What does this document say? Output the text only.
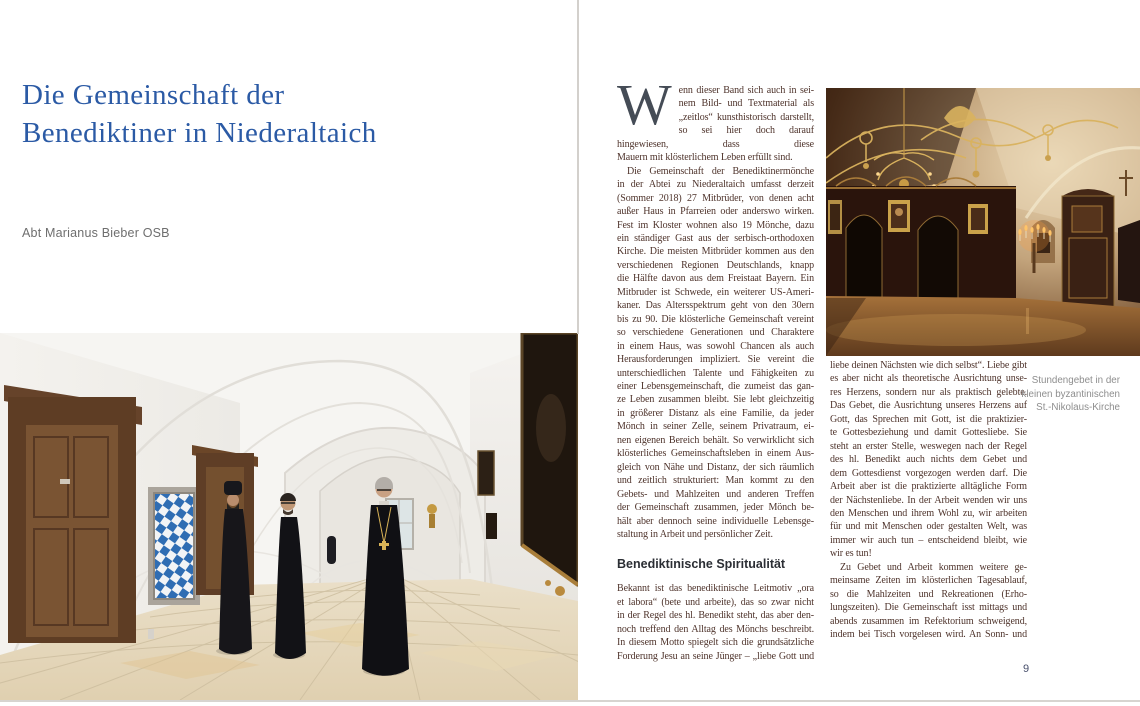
Die Gemeinschaft der
Benediktiner in Niederaltaich
Abt Marianus Bieber OSB
W enn dieser Band sich auch in sei-
nem Bild- und Textmaterial als
„zeitlos“ kunsthistorisch darstellt,
so sei hier doch darauf hingewiesen, dass diese
Mauern mit klösterlichem Leben erfüllt sind.
Die Gemeinschaft der Benediktinermönche
in der Abtei zu Niederaltaich umfasst derzeit
(Sommer 2018) 27 Mitbrüder, von denen acht
außer Haus in Pfarreien oder anderswo wirken.
Fest im Kloster wohnen also 19 Mönche, dazu
ein ständiger Gast aus der serbisch-orthodoxen
Kirche. Die meisten Mitbrüder kommen aus den
verschiedenen Regionen Deutschlands, knapp
die Hälfte davon aus dem Freistaat Bayern. Ein
Mitbruder ist Schwede, ein weiterer US-Ameri-
kaner. Das Altersspektrum geht von den 30ern
bis zu 90. Die klösterliche Gemeinschaft vereint
so verschiedene Generationen und Charaktere
in einem Haus, was sowohl Chancen als auch
Herausforderungen impliziert. Sie vereint die
unterschiedlichen Talente und Fähigkeiten zu
einer Lebensgemeinschaft, die zumeist das gan-
ze Leben zusammen bleibt. Sie lebt gleichzeitig
in größerer Distanz als eine Familie, da jeder
Mönch in seiner Zelle, seinem Privatraum, ei-
nen eigenen Bereich behält. So verwirklicht sich
klösterliches Gemeinschaftsleben in einem Aus-
gleich von Nähe und Distanz, der sich räumlich
und zeitlich strukturiert: Man kommt zu den
Gebets- und Mahlzeiten und anderen Treffen
der Gemeinschaft zusammen, jeder Mönch be-
hält aber dennoch seine individuelle Lebensge-
staltung in Arbeit und persönlicher Zeit.
Benediktinische Spiritualität
Bekannt ist das benediktinische Leitmotiv „ora
et labora“ (bete und arbeite), das so zwar nicht
in der Regel des hl. Benedikt steht, das aber den-
noch treffend den Alltag des Mönchs beschreibt.
In diesem Motto spiegelt sich die grundsätzliche
Forderung Jesu an seine Jünger – „liebe Gott und
liebe deinen Nächsten wie dich selbst“. Liebe gibt
es aber nicht als theoretische Ausrichtung unse-
res Herzens, sondern nur als praktisch gelebte.
Das Gebet, die Ausrichtung unseres Herzens auf
Gott, das Sprechen mit Gott, ist die praktizier-
te Gottesbeziehung und damit Gottesliebe. Sie
steht an erster Stelle, weswegen nach der Regel
des hl. Benedikt auch nichts dem Gebet und
dem Gottesdienst vorgezogen werden darf. Die
Arbeit aber ist die praktizierte alltägliche Form
der Nächstenliebe. In der Arbeit wenden wir uns
den Menschen und ihrem Wohl zu, wir arbeiten
für und mit Menschen oder gestalten Welt, was
immer wir auch tun – entscheidend bleibt, wie
wir es tun!
Zu Gebet und Arbeit kommen weitere ge-
meinsame Zeiten im klösterlichen Tagesablauf,
so die Mahlzeiten und Rekreationen (Erho-
lungszeiten). Die Gemeinschaft isst mittags und
abends zusammen im Refektorium schweigend,
indem bei Tisch vorgelesen wird. An Sonn- und
Stundengebet in der
kleinen byzantinischen
St.-Nikolaus-Kirche
9
